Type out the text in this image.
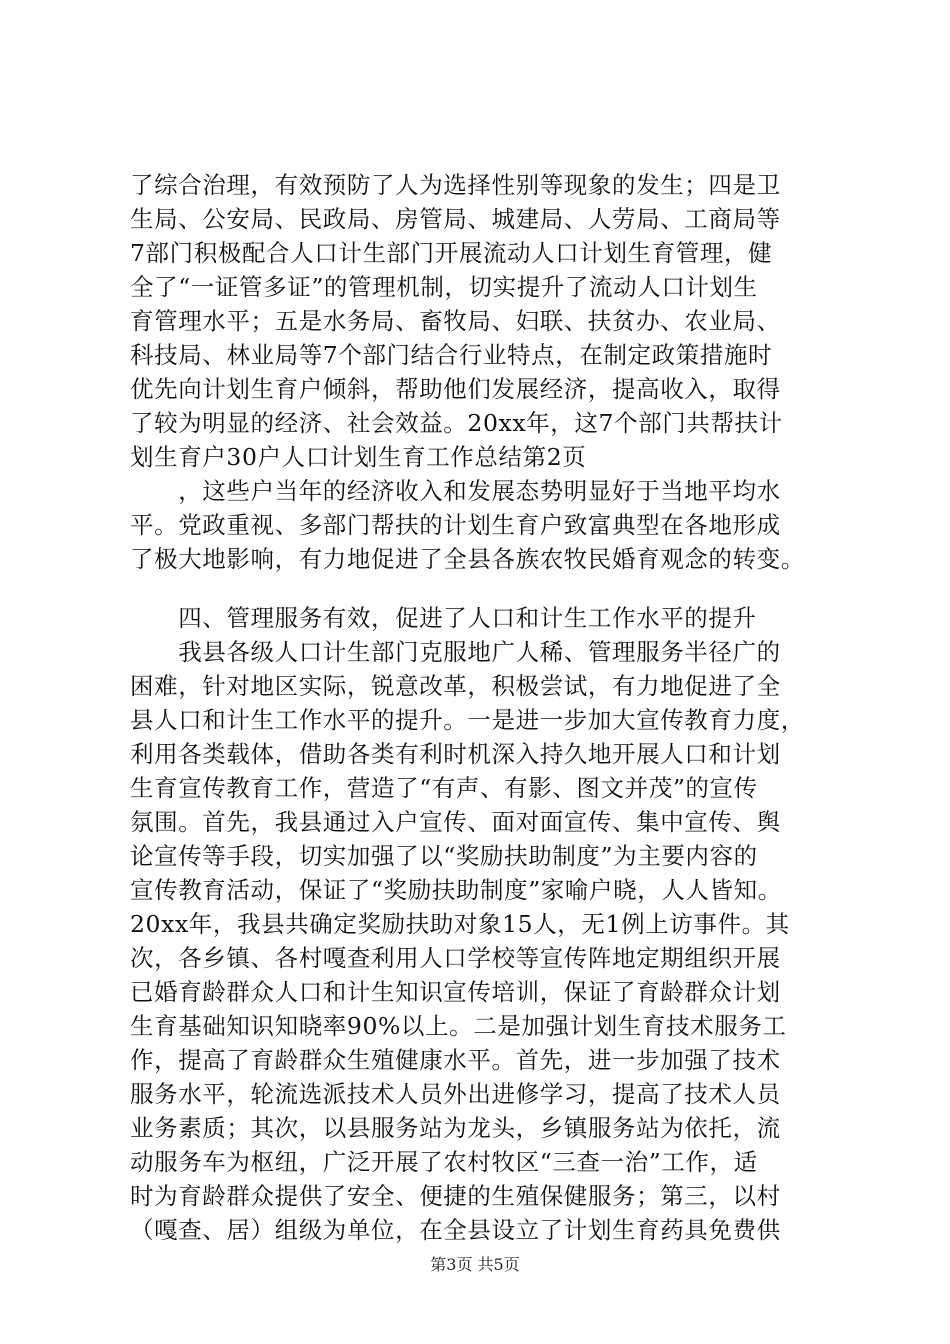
了综合治理，有效预防了人为选择性别等现象的发生；四是卫
生局、公安局、民政局、房管局、城建局、人劳局、工商局等
7部门积极配合人口计生部门开展流动人口计划生育管理，健
全了“一证管多证”的管理机制，切实提升了流动人口计划生
育管理水平；五是水务局、畜牧局、妇联、扶贫办、农业局、
科技局、林业局等7个部门结合行业特点，在制定政策措施时
优先向计划生育户倾斜，帮助他们发展经济，提高收入，取得
了较为明显的经济、社会效益。20xx年，这7个部门共帮扶计
划生育户30户人口计划生育工作总结第2页
　　，这些户当年的经济收入和发展态势明显好于当地平均水
平。党政重视、多部门帮扶的计划生育户致富典型在各地形成
了极大地影响，有力地促进了全县各族农牧民婚育观念的转变。
　　四、管理服务有效，促进了人口和计生工作水平的提升
　　我县各级人口计生部门克服地广人稀、管理服务半径广的
困难，针对地区实际，锐意改革，积极尝试，有力地促进了全
县人口和计生工作水平的提升。一是进一步加大宣传教育力度，
利用各类载体，借助各类有利时机深入持久地开展人口和计划
生育宣传教育工作，营造了“有声、有影、图文并茂”的宣传
氛围。首先，我县通过入户宣传、面对面宣传、集中宣传、舆
论宣传等手段，切实加强了以“奖励扶助制度”为主要内容的
宣传教育活动，保证了“奖励扶助制度”家喻户晓，人人皆知。
20xx年，我县共确定奖励扶助对象15人，无1例上访事件。其
次，各乡镇、各村嘎查利用人口学校等宣传阵地定期组织开展
已婚育龄群众人口和计生知识宣传培训，保证了育龄群众计划
生育基础知识知晓率90%以上。二是加强计划生育技术服务工
作，提高了育龄群众生殖健康水平。首先，进一步加强了技术
服务水平，轮流选派技术人员外出进修学习，提高了技术人员
业务素质；其次，以县服务站为龙头，乡镇服务站为依托，流
动服务车为枢纽，广泛开展了农村牧区“三查一治”工作，适
时为育龄群众提供了安全、便捷的生殖保健服务；第三，以村
（嘎查、居）组级为单位，在全县设立了计划生育药具免费供
第3页 共5页
